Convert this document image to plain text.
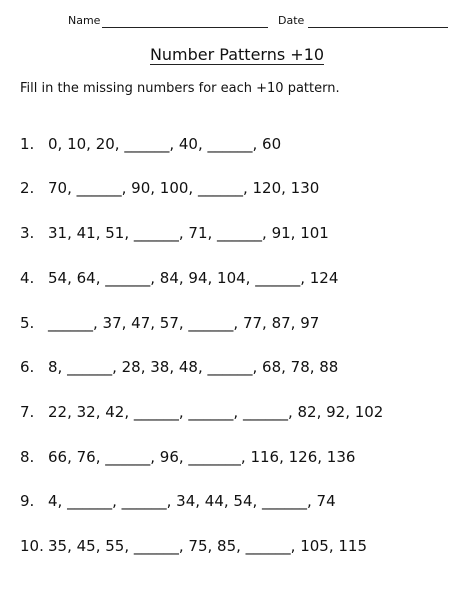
Name	Date
Number Patterns +10
Fill in the missing numbers for each +10 pattern.
1. 0, 10, 20, ______, 40, ______, 60
2. 70, ______, 90, 100, ______, 120, 130
3. 31, 41, 51, ______, 71, ______, 91, 101
4. 54, 64, ______, 84, 94, 104, ______, 124
5. ______, 37, 47, 57, ______, 77, 87, 97
6. 8, ______, 28, 38, 48, ______, 68, 78, 88
7. 22, 32, 42, ______, ______, ______, 82, 92, 102
8. 66, 76, ______, 96, _______, 116, 126, 136
9. 4, ______, ______, 34, 44, 54, ______, 74
10. 35, 45, 55, ______, 75, 85, ______, 105, 115
